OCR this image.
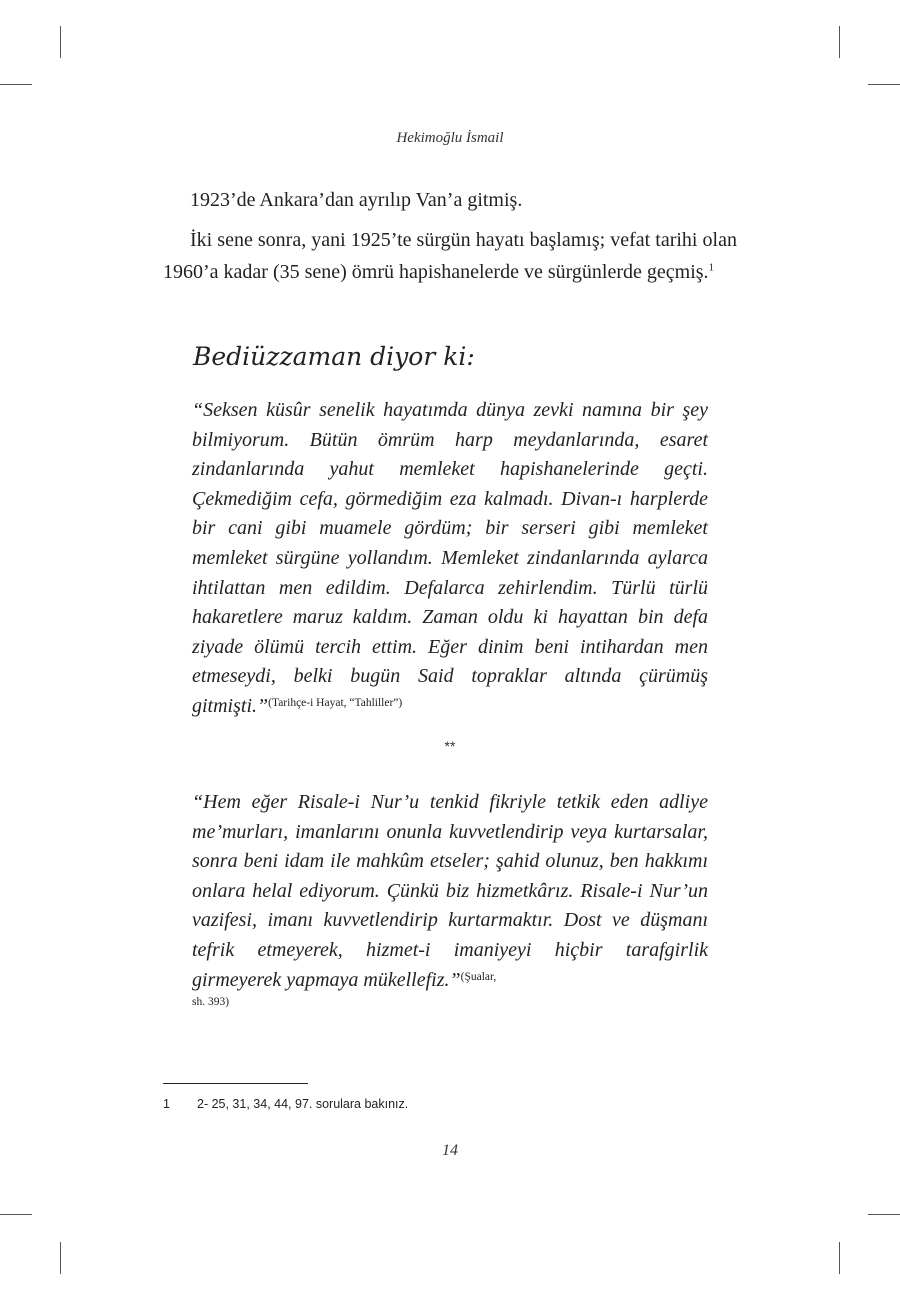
Hekimoğlu İsmail

1923’de Ankara’dan ayrılıp Van’a gitmiş.

İki sene sonra, yani 1925’te sürgün hayatı başlamış; vefat tarihi olan 1960’a kadar (35 sene) ömrü hapishanelerde ve sürgünlerde geçmiş.$^1$

Bediüzzaman diyor ki:
“Seksen küsûr senelik hayatımda dünya zevki namına bir şey bilmiyorum. Bütün ömrüm harp meydanlarında, esaret zindanlarında yahut memleket hapishanelerinde geçti. Çekmediğim cefa, görmediğim eza kalmadı. Divan-ı harplerde bir cani gibi muamele gördüm; bir serseri gibi memleket memleket sürgüne yollandım. Memleket zindanlarında aylarca ihtilattan men edildim. Defalarca zehirlendim. Türlü türlü hakaretlere maruz kaldım. Zaman oldu ki hayattan bin defa ziyade ölümü tercih ettim. Eğer dinim beni intihardan men etmeseydi, belki bugün Said topraklar altında çürümüş gitmişti.”$^{(Tarihçe-i Hayat, “Tahliller”)}$
**
“Hem eğer Risale-i Nur’u tenkid fikriyle tetkik eden adliye me’murları, imanlarını onunla kuvvetlendirip veya kurtarsalar, sonra beni idam ile mahkûm etseler; şahid olunuz, ben hakkımı onlara helal ediyorum. Çünkü biz hizmetkârız. Risale-i Nur’un vazifesi, imanı kuvvetlendirip kurtarmaktır. Dost ve düşmanı tefrik etmeyerek, hizmet-i imaniyeyi hiçbir tarafgirlik girmeyerek yapmaya mükellefiz.”$^{(Şualar,}$
sh. 393)
1 2- 25, 31, 34, 44, 97. sorulara bakınız.
14
